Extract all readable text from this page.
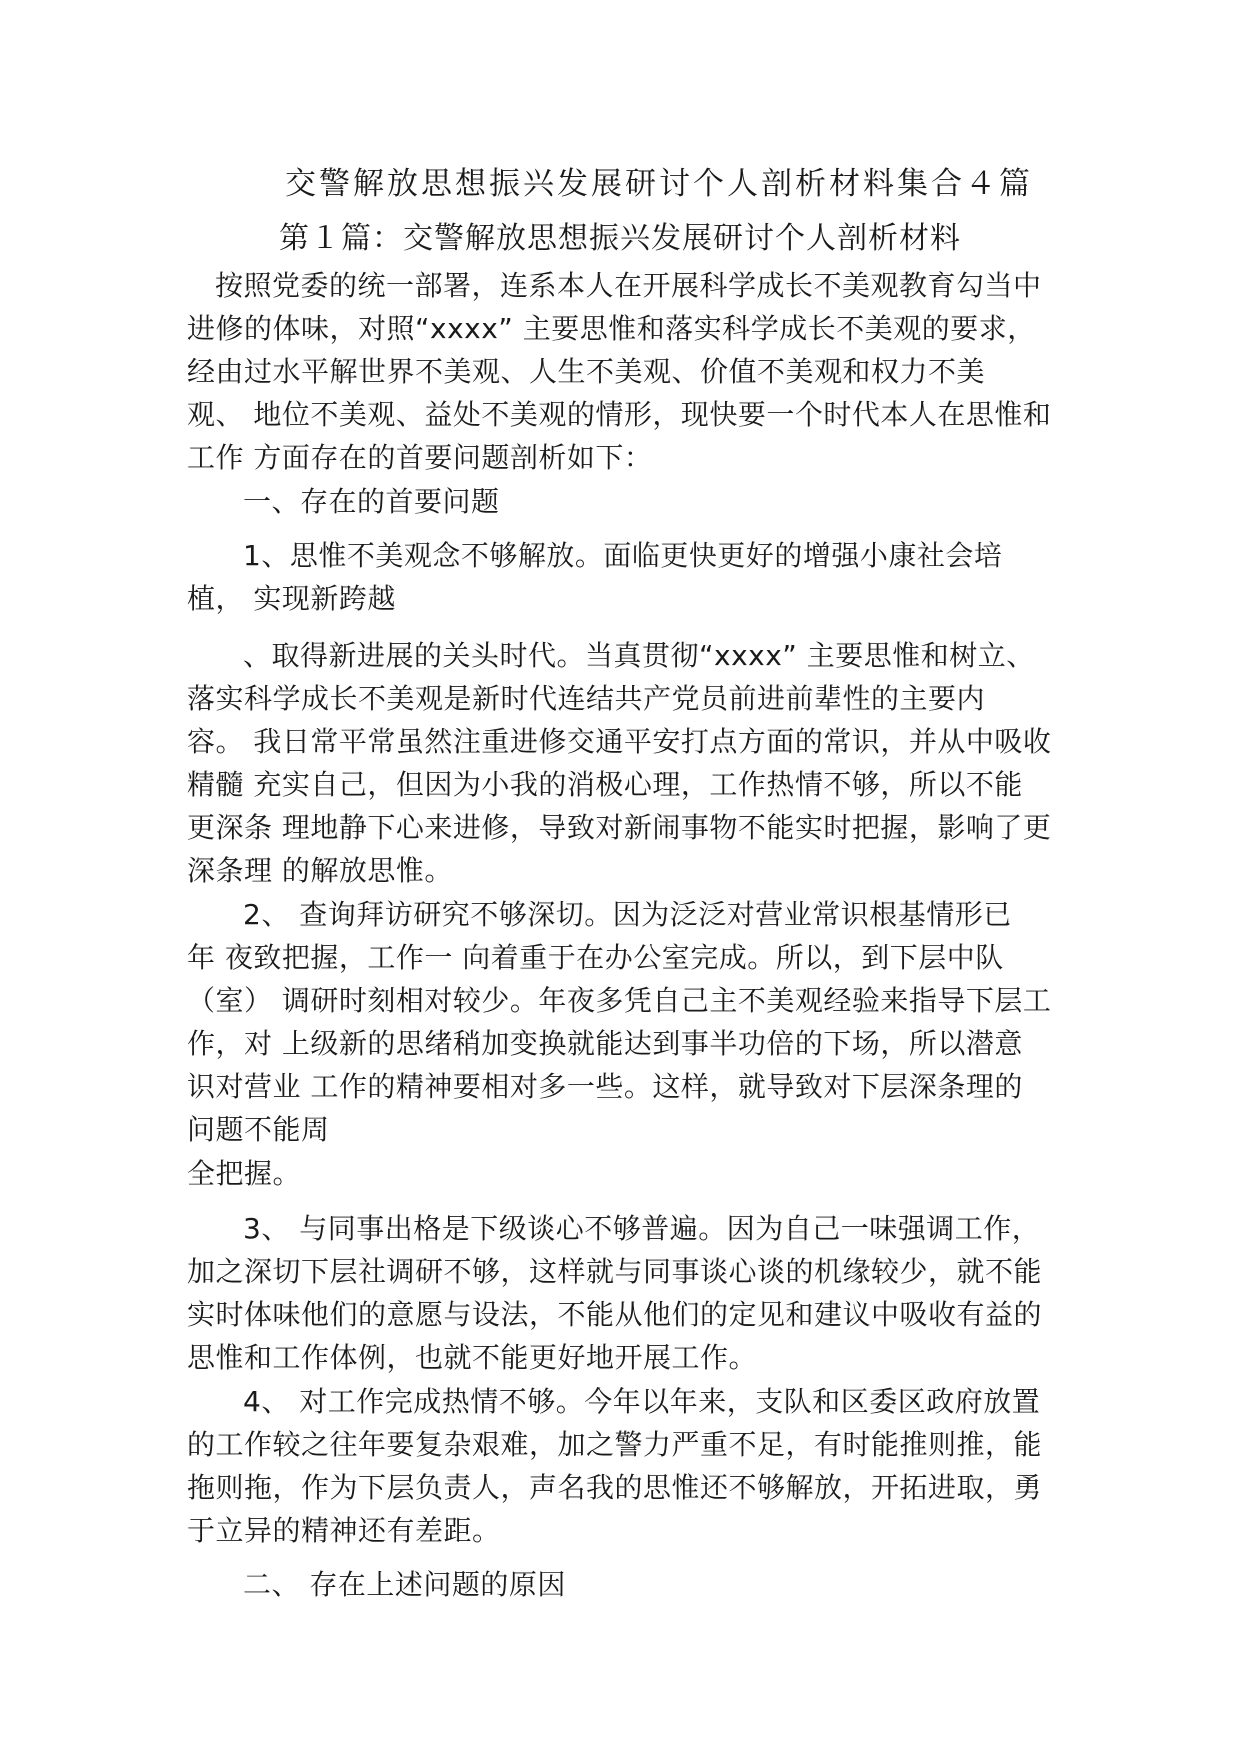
交警解放思想振兴发展研讨个人剖析材料集合４篇
第１篇：交警解放思想振兴发展研讨个人剖析材料
按照党委的统一部署，连系本人在开展科学成长不美观教育勾当中
进修的体味，对照“xxxx” 主要思惟和落实科学成长不美观的要求，
经由过水平解世界不美观、人生不美观、价值不美观和权力不美
观、 地位不美观、益处不美观的情形，现快要一个时代本人在思惟和
工作 方面存在的首要问题剖析如下：
一、存在的首要问题
1、思惟不美观念不够解放。面临更快更好的增强小康社会培
植， 实现新跨越
、取得新进展的关头时代。当真贯彻“xxxx” 主要思惟和树立、
落实科学成长不美观是新时代连结共产党员前进前辈性的主要内
容。 我日常平常虽然注重进修交通平安打点方面的常识，并从中吸收
精髓 充实自己，但因为小我的消极心理，工作热情不够，所以不能
更深条 理地静下心来进修，导致对新闹事物不能实时把握，影响了更
深条理 的解放思惟。
2、 查询拜访研究不够深切。因为泛泛对营业常识根基情形已
年 夜致把握，工作一 向着重于在办公室完成。所以，到下层中队
（室） 调研时刻相对较少。年夜多凭自己主不美观经验来指导下层工
作，对 上级新的思绪稍加变换就能达到事半功倍的下场，所以潜意
识对营业 工作的精神要相对多一些。这样，就导致对下层深条理的
问题不能周
全把握。
3、 与同事出格是下级谈心不够普遍。因为自己一味强调工作，
加之深切下层社调研不够，这样就与同事谈心谈的机缘较少，就不能
实时体味他们的意愿与设法，不能从他们的定见和建议中吸收有益的
思惟和工作体例，也就不能更好地开展工作。
4、 对工作完成热情不够。今年以年来，支队和区委区政府放置
的工作较之往年要复杂艰难，加之警力严重不足，有时能推则推，能
拖则拖，作为下层负责人，声名我的思惟还不够解放，开拓进取，勇
于立异的精神还有差距。
二、 存在上述问题的原因
